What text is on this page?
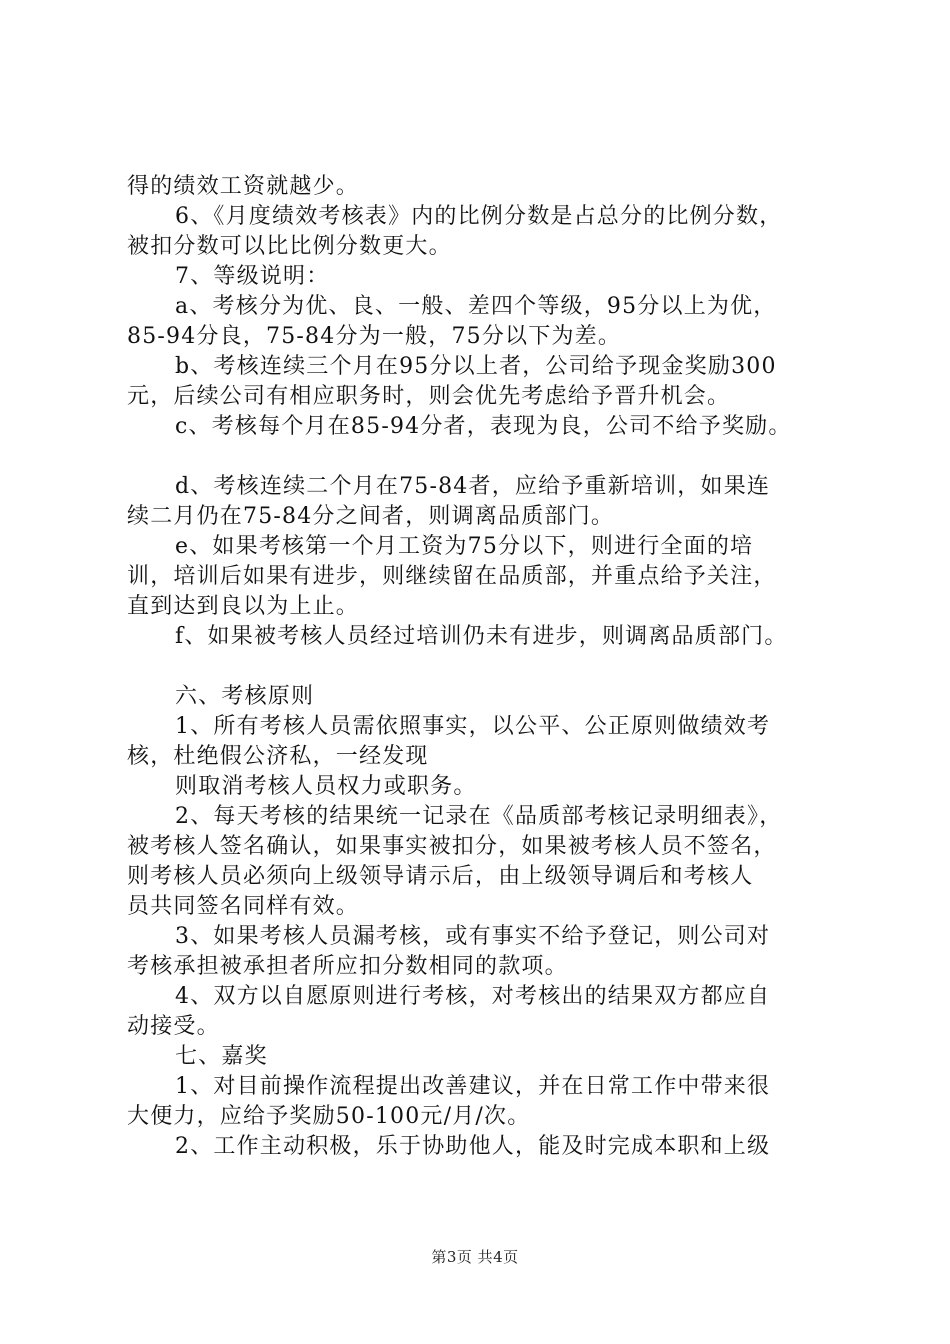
得的绩效工资就越少。
6、《月度绩效考核表》内的比例分数是占总分的比例分数，
被扣分数可以比比例分数更大。
7、等级说明：
a、考核分为优、良、一般、差四个等级，95分以上为优，
85-94分良，75-84分为一般，75分以下为差。
b、考核连续三个月在95分以上者，公司给予现金奖励300
元，后续公司有相应职务时，则会优先考虑给予晋升机会。
c、考核每个月在85-94分者，表现为良，公司不给予奖励。
d、考核连续二个月在75-84者，应给予重新培训，如果连
续二月仍在75-84分之间者，则调离品质部门。
e、如果考核第一个月工资为75分以下，则进行全面的培
训，培训后如果有进步，则继续留在品质部，并重点给予关注，
直到达到良以为上止。
f、如果被考核人员经过培训仍未有进步，则调离品质部门。
六、考核原则
1、所有考核人员需依照事实，以公平、公正原则做绩效考
核，杜绝假公济私，一经发现
则取消考核人员权力或职务。
2、每天考核的结果统一记录在《品质部考核记录明细表》，
被考核人签名确认，如果事实被扣分，如果被考核人员不签名，
则考核人员必须向上级领导请示后，由上级领导调后和考核人
员共同签名同样有效。
3、如果考核人员漏考核，或有事实不给予登记，则公司对
考核承担被承担者所应扣分数相同的款项。
4、双方以自愿原则进行考核，对考核出的结果双方都应自
动接受。
七、嘉奖
1、对目前操作流程提出改善建议，并在日常工作中带来很
大便力，应给予奖励50-100元/月/次。
2、工作主动积极，乐于协助他人，能及时完成本职和上级
第3页 共4页
